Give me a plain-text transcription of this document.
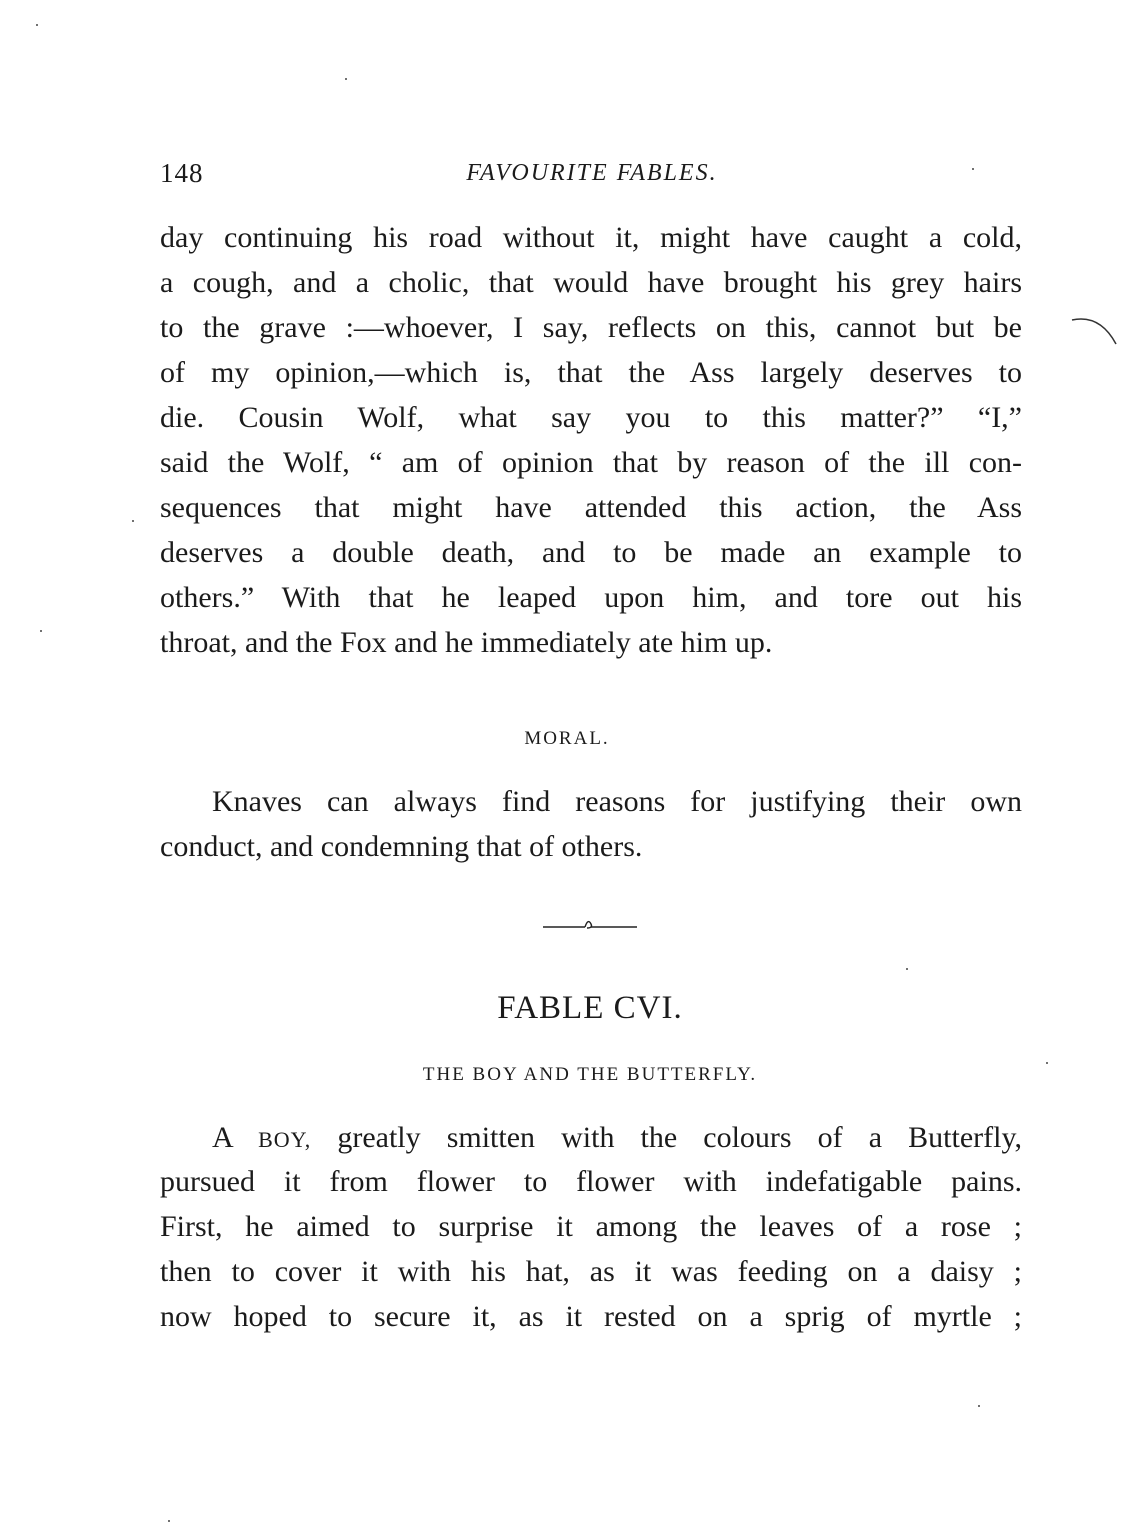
148	FAVOURITE FABLES.
day continuing his road without it, might have caught a cold,
a cough, and a cholic, that would have brought his grey hairs
to the grave :—whoever, I say, reflects on this, cannot but be
of my opinion,—which is, that the Ass largely deserves to
die. Cousin Wolf, what say you to this matter?” “I,”
said the Wolf, “ am of opinion that by reason of the ill con-
sequences that might have attended this action, the Ass
deserves a double death, and to be made an example to
others.” With that he leaped upon him, and tore out his
throat, and the Fox and he immediately ate him up.
MORAL.
Knaves can always find reasons for justifying their own
conduct, and condemning that of others.
FABLE CVI.
THE BOY AND THE BUTTERFLY.
A BOY, greatly smitten with the colours of a Butterfly,
pursued it from flower to flower with indefatigable pains.
First, he aimed to surprise it among the leaves of a rose ;
then to cover it with his hat, as it was feeding on a daisy ;
now hoped to secure it, as it rested on a sprig of myrtle ;
